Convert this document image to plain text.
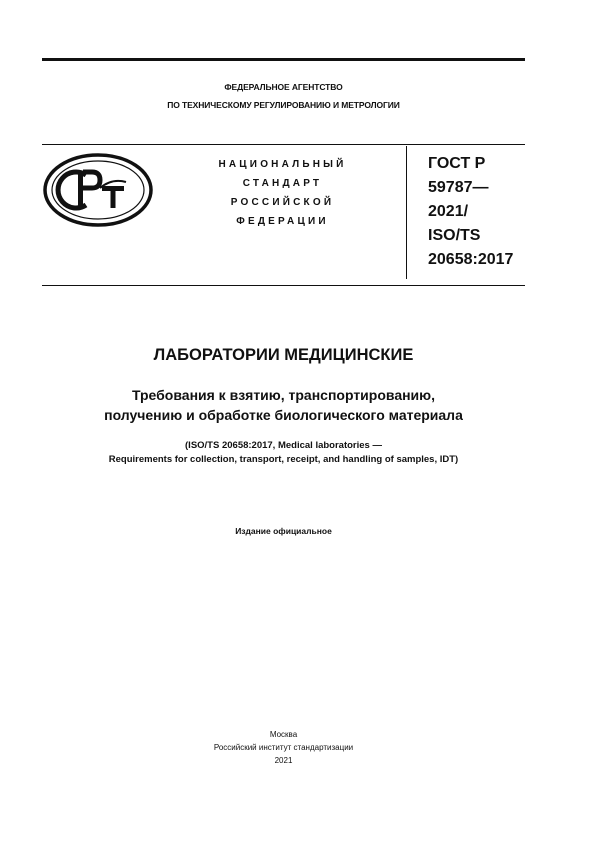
ФЕДЕРАЛЬНОЕ АГЕНТСТВО
ПО ТЕХНИЧЕСКОМУ РЕГУЛИРОВАНИЮ И МЕТРОЛОГИИ
НАЦИОНАЛЬНЫЙ
СТАНДАРТ
РОССИЙСКОЙ
ФЕДЕРАЦИИ
ГОСТ Р
59787—
2021/
ISO/TS
20658:2017
ЛАБОРАТОРИИ МЕДИЦИНСКИЕ
Требования к взятию, транспортированию,
получению и обработке биологического материала
(ISO/TS 20658:2017, Medical laboratories —
Requirements for collection, transport, receipt, and handling of samples, IDT)
Издание официальное
Москва
Российский институт стандартизации
2021
